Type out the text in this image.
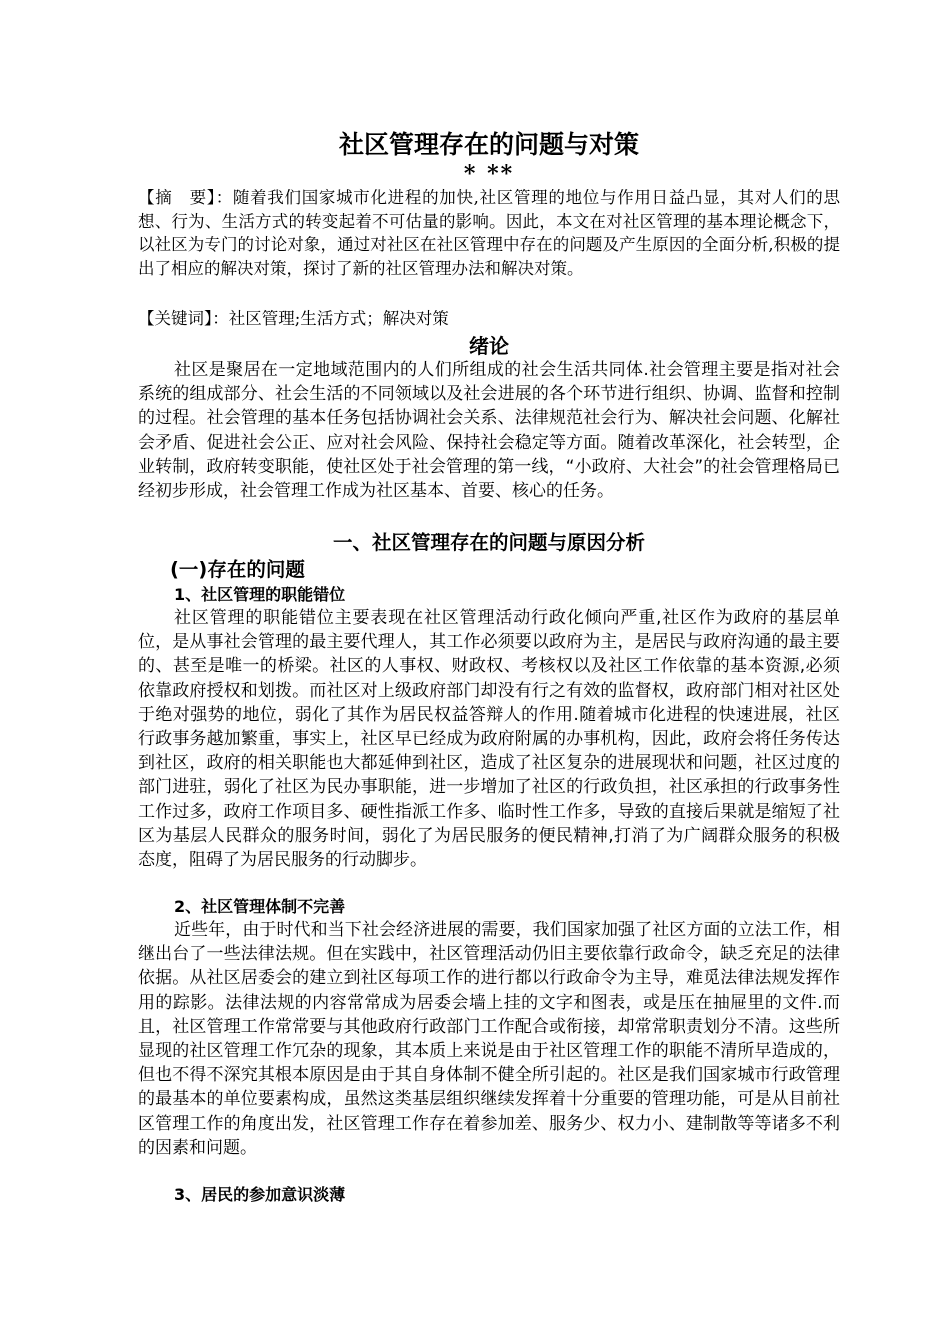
社区管理存在的问题与对策
* **

【摘　要】：随着我们国家城市化进程的加快,社区管理的地位与作用日益凸显，其对人们的思想、行为、生活方式的转变起着不可估量的影响。因此，本文在对社区管理的基本理论概念下，以社区为专门的讨论对象，通过对社区在社区管理中存在的问题及产生原因的全面分析,积极的提出了相应的解决对策，探讨了新的社区管理办法和解决对策。

【关键词】：社区管理;生活方式；解决对策

绪论

社区是聚居在一定地域范围内的人们所组成的社会生活共同体.社会管理主要是指对社会系统的组成部分、社会生活的不同领域以及社会进展的各个环节进行组织、协调、监督和控制的过程。社会管理的基本任务包括协调社会关系、法律规范社会行为、解决社会问题、化解社会矛盾、促进社会公正、应对社会风险、保持社会稳定等方面。随着改革深化，社会转型，企业转制，政府转变职能，使社区处于社会管理的第一线，“小政府、大社会”的社会管理格局已经初步形成，社会管理工作成为社区基本、首要、核心的任务。

一、社区管理存在的问题与原因分析
(一)存在的问题
1、社区管理的职能错位

社区管理的职能错位主要表现在社区管理活动行政化倾向严重,社区作为政府的基层单位，是从事社会管理的最主要代理人，其工作必须要以政府为主，是居民与政府沟通的最主要的、甚至是唯一的桥梁。社区的人事权、财政权、考核权以及社区工作依靠的基本资源,必须依靠政府授权和划拨。而社区对上级政府部门却没有行之有效的监督权，政府部门相对社区处于绝对强势的地位，弱化了其作为居民权益答辩人的作用.随着城市化进程的快速进展，社区行政事务越加繁重，事实上，社区早已经成为政府附属的办事机构，因此，政府会将任务传达到社区，政府的相关职能也大都延伸到社区，造成了社区复杂的进展现状和问题，社区过度的部门进驻，弱化了社区为民办事职能，进一步增加了社区的行政负担，社区承担的行政事务性工作过多，政府工作项目多、硬性指派工作多、临时性工作多，导致的直接后果就是缩短了社区为基层人民群众的服务时间，弱化了为居民服务的便民精神,打消了为广阔群众服务的积极态度，阻碍了为居民服务的行动脚步。

2、社区管理体制不完善

近些年，由于时代和当下社会经济进展的需要，我们国家加强了社区方面的立法工作，相继出台了一些法律法规。但在实践中，社区管理活动仍旧主要依靠行政命令，缺乏充足的法律依据。从社区居委会的建立到社区每项工作的进行都以行政命令为主导，难觅法律法规发挥作用的踪影。法律法规的内容常常成为居委会墙上挂的文字和图表，或是压在抽屉里的文件.而且，社区管理工作常常要与其他政府行政部门工作配合或衔接，却常常职责划分不清。这些所显现的社区管理工作冗杂的现象，其本质上来说是由于社区管理工作的职能不清所早造成的，但也不得不深究其根本原因是由于其自身体制不健全所引起的。社区是我们国家城市行政管理的最基本的单位要素构成，虽然这类基层组织继续发挥着十分重要的管理功能，可是从目前社区管理工作的角度出发，社区管理工作存在着参加差、服务少、权力小、建制散等等诸多不利的因素和问题。

3、居民的参加意识淡薄
